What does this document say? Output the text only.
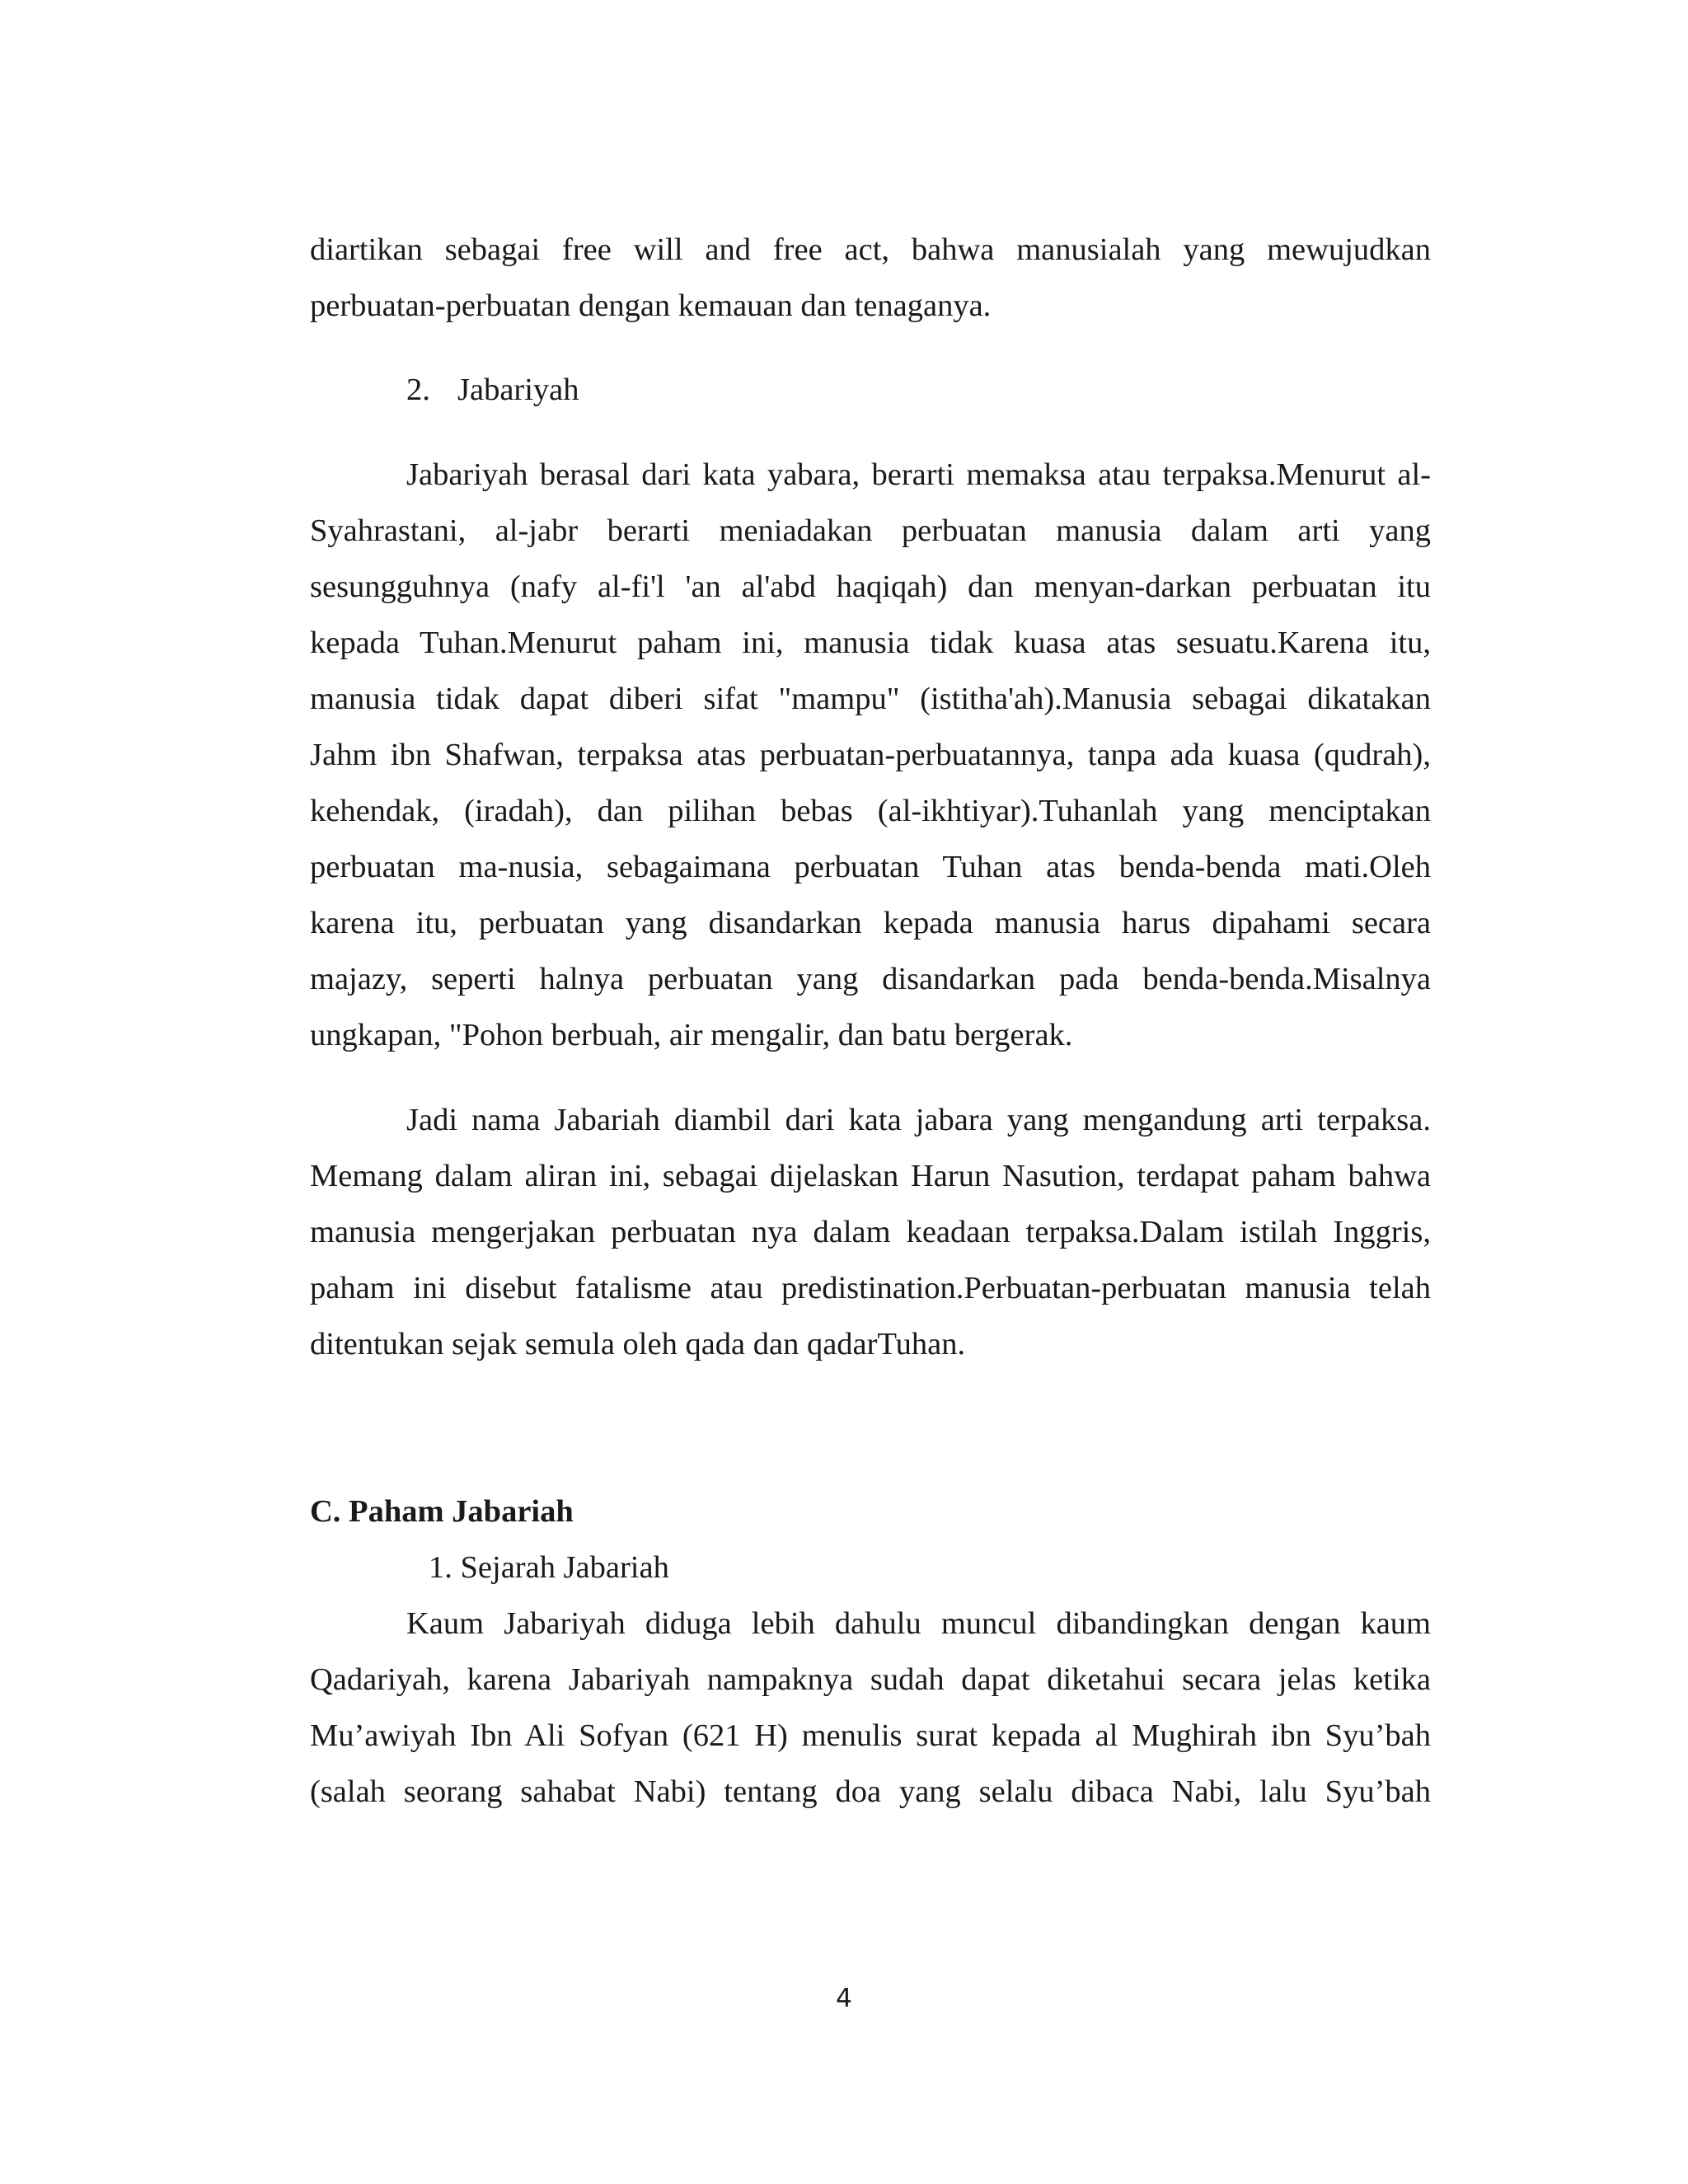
diartikan sebagai free will and free act, bahwa manusialah yang mewujudkan
perbuatan-perbuatan dengan kemauan dan tenaganya.
2. Jabariyah
Jabariyah berasal dari kata yabara, berarti memaksa atau terpaksa.Menurut al-
Syahrastani, al-jabr berarti meniadakan perbuatan manusia dalam arti yang
sesungguhnya (nafy al-fi'l 'an al'abd haqiqah) dan menyan-darkan perbuatan itu
kepada Tuhan.Menurut paham ini, manusia tidak kuasa atas sesuatu.Karena itu,
manusia tidak dapat diberi sifat "mampu" (istitha'ah).Manusia sebagai dikatakan
Jahm ibn Shafwan, terpaksa atas perbuatan-perbuatannya, tanpa ada kuasa (qudrah),
kehendak, (iradah), dan pilihan bebas (al-ikhtiyar).Tuhanlah yang menciptakan
perbuatan ma-nusia, sebagaimana perbuatan Tuhan atas benda-benda mati.Oleh
karena itu, perbuatan yang disandarkan kepada manusia harus dipahami secara
majazy, seperti halnya perbuatan yang disandarkan pada benda-benda.Misalnya
ungkapan, "Pohon berbuah, air mengalir, dan batu bergerak.
Jadi nama Jabariah diambil dari kata jabara yang mengandung arti terpaksa.
Memang dalam aliran ini, sebagai dijelaskan Harun Nasution, terdapat paham bahwa
manusia mengerjakan perbuatan nya dalam keadaan terpaksa.Dalam istilah Inggris,
paham ini disebut fatalisme atau predistination.Perbuatan-perbuatan manusia telah
ditentukan sejak semula oleh qada dan qadarTuhan.
C. Paham Jabariah
1. Sejarah Jabariah
Kaum Jabariyah diduga lebih dahulu muncul dibandingkan dengan kaum
Qadariyah, karena Jabariyah nampaknya sudah dapat diketahui secara jelas ketika
Mu’awiyah Ibn Ali Sofyan (621 H) menulis surat kepada al Mughirah ibn Syu’bah
(salah seorang sahabat Nabi) tentang doa yang selalu dibaca Nabi, lalu Syu’bah
4
